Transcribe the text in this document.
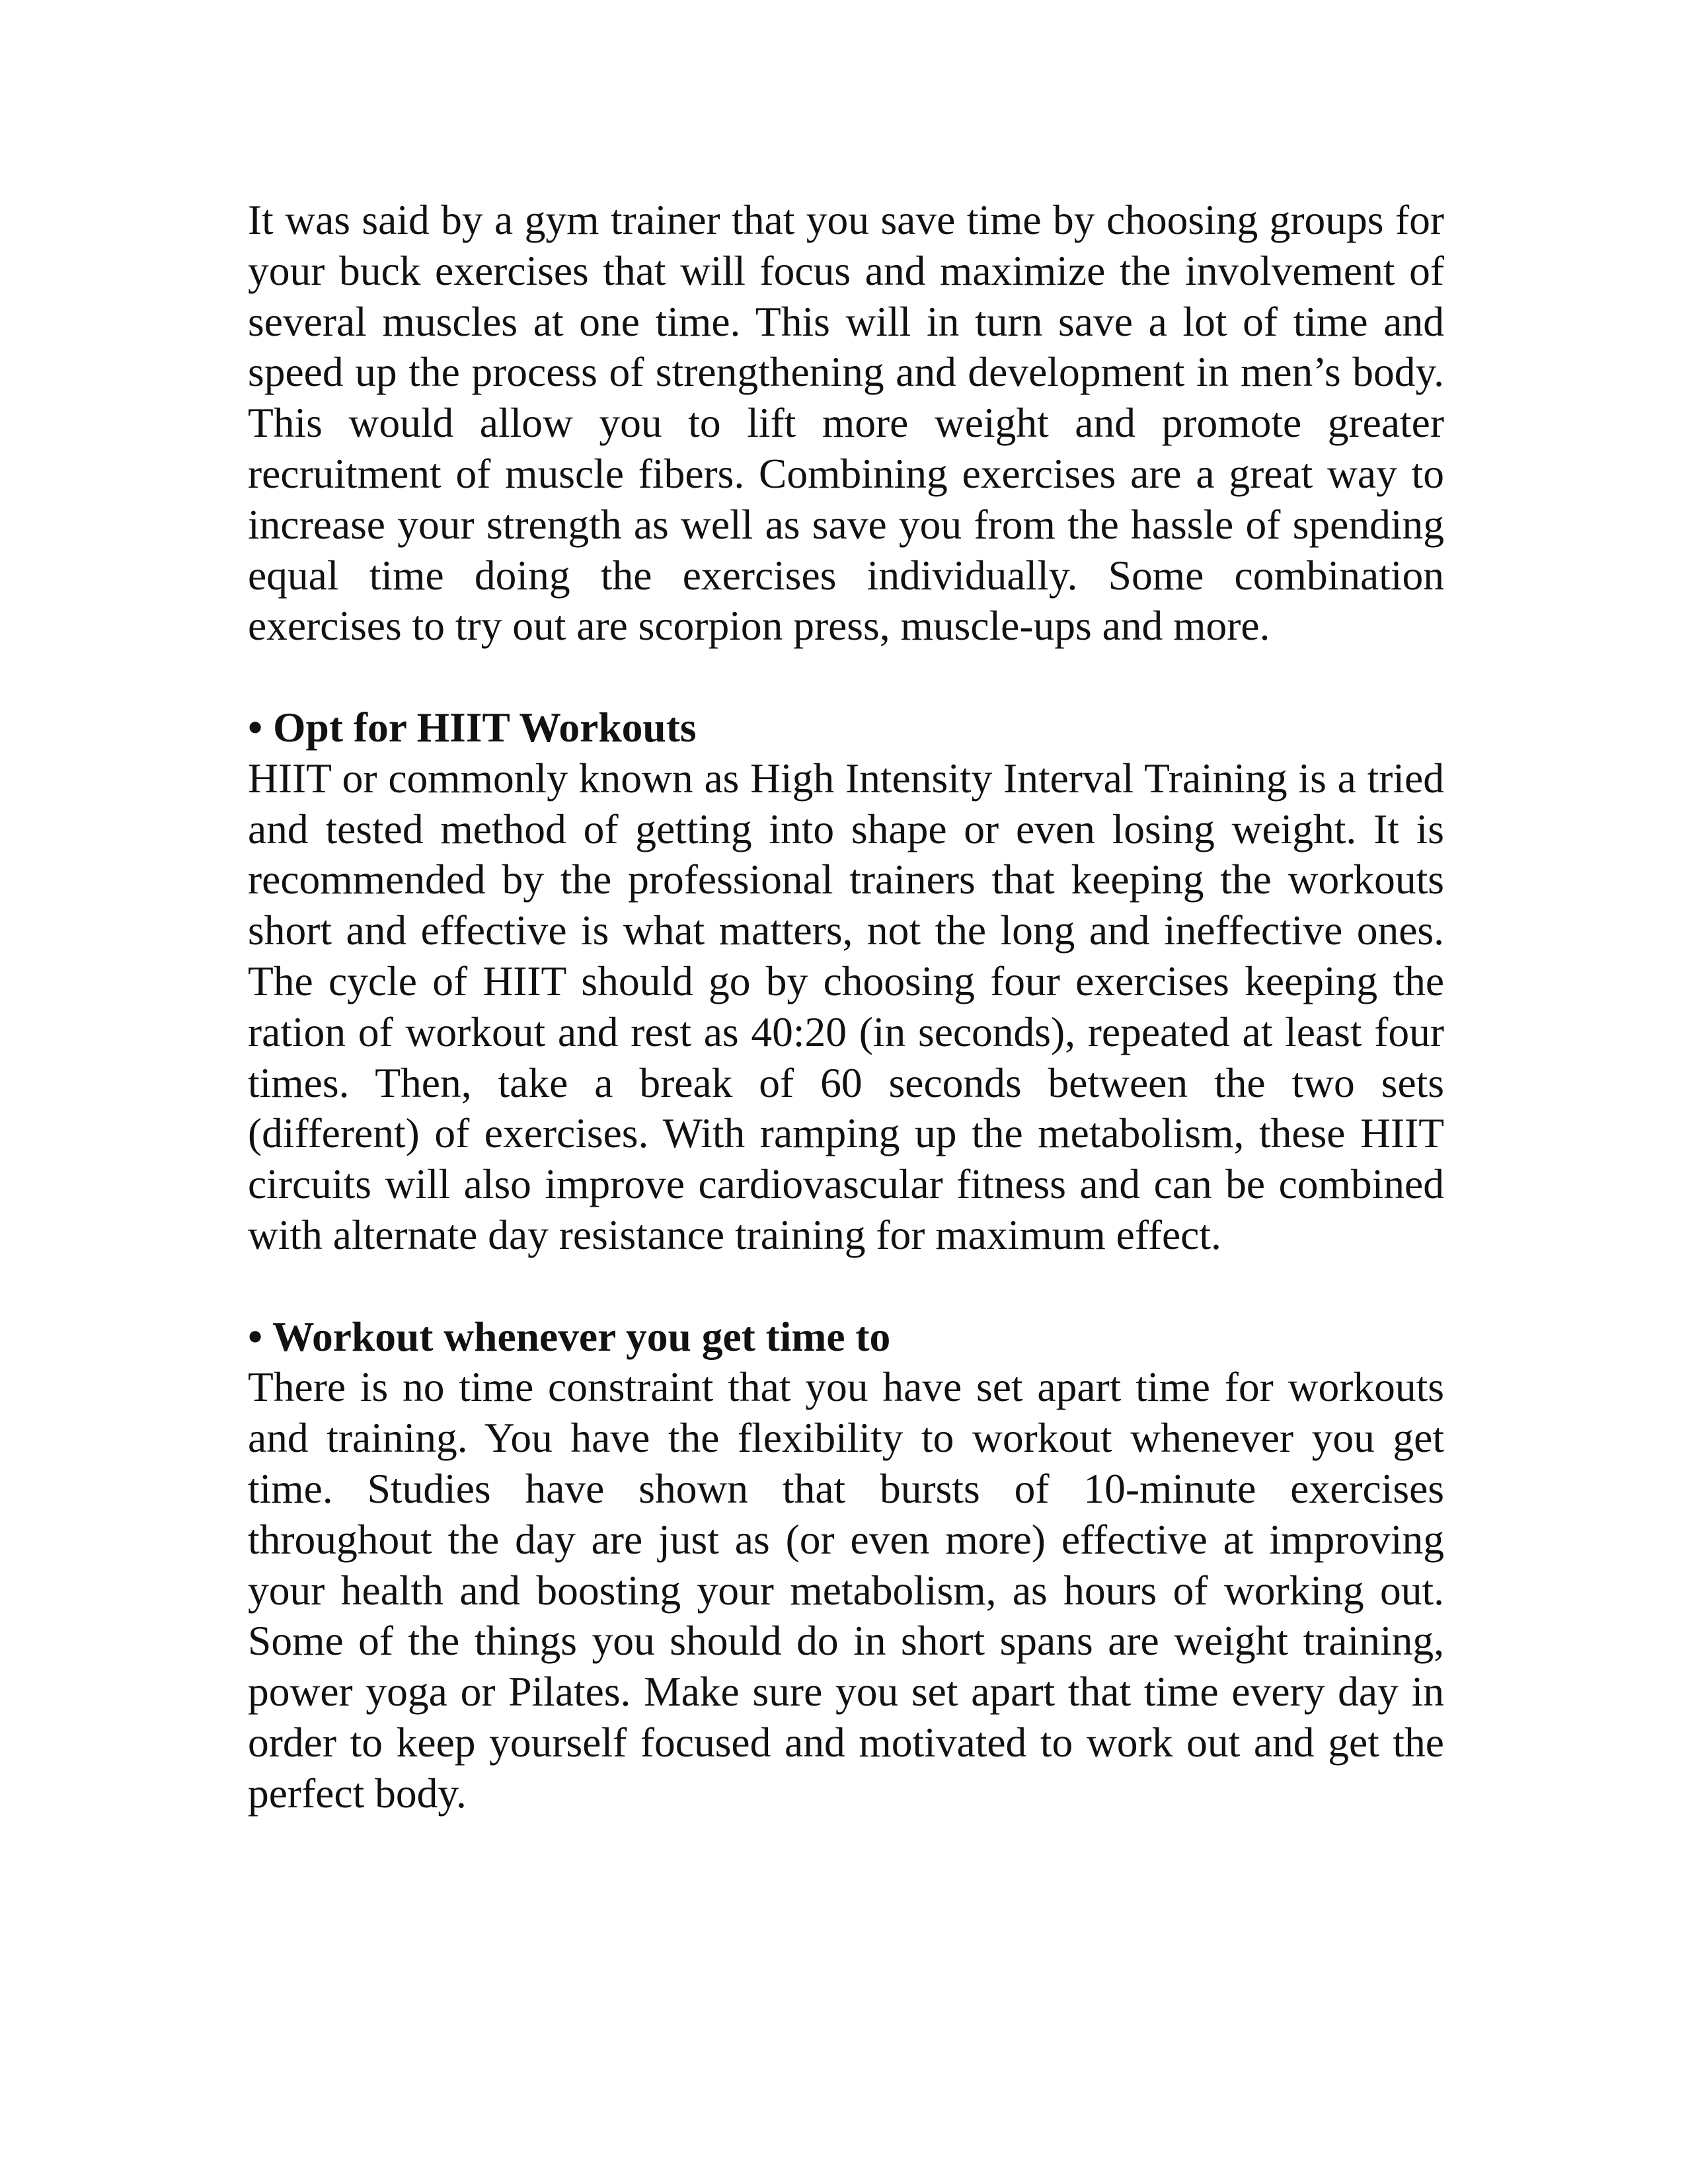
It was said by a gym trainer that you save time by choosing groups for your buck exercises that will focus and maximize the involvement of several muscles at one time. This will in turn save a lot of time and speed up the process of strengthening and development in men’s body. This would allow you to lift more weight and promote greater recruitment of muscle fibers. Combining exercises are a great way to increase your strength as well as save you from the hassle of spending equal time doing the exercises individually. Some combination exercises to try out are scorpion press, muscle-ups and more.

• Opt for HIIT Workouts

HIIT or commonly known as High Intensity Interval Training is a tried and tested method of getting into shape or even losing weight. It is recommended by the professional trainers that keeping the workouts short and effective is what matters, not the long and ineffective ones. The cycle of HIIT should go by choosing four exercises keeping the ration of workout and rest as 40:20 (in seconds), repeated at least four times. Then, take a break of 60 seconds between the two sets (different) of exercises. With ramping up the metabolism, these HIIT circuits will also improve cardiovascular fitness and can be combined with alternate day resistance training for maximum effect.

• Workout whenever you get time to

There is no time constraint that you have set apart time for workouts and training. You have the flexibility to workout whenever you get time. Studies have shown that bursts of 10-minute exercises throughout the day are just as (or even more) effective at improving your health and boosting your metabolism, as hours of working out. Some of the things you should do in short spans are weight training, power yoga or Pilates. Make sure you set apart that time every day in order to keep yourself focused and motivated to work out and get the perfect body.
